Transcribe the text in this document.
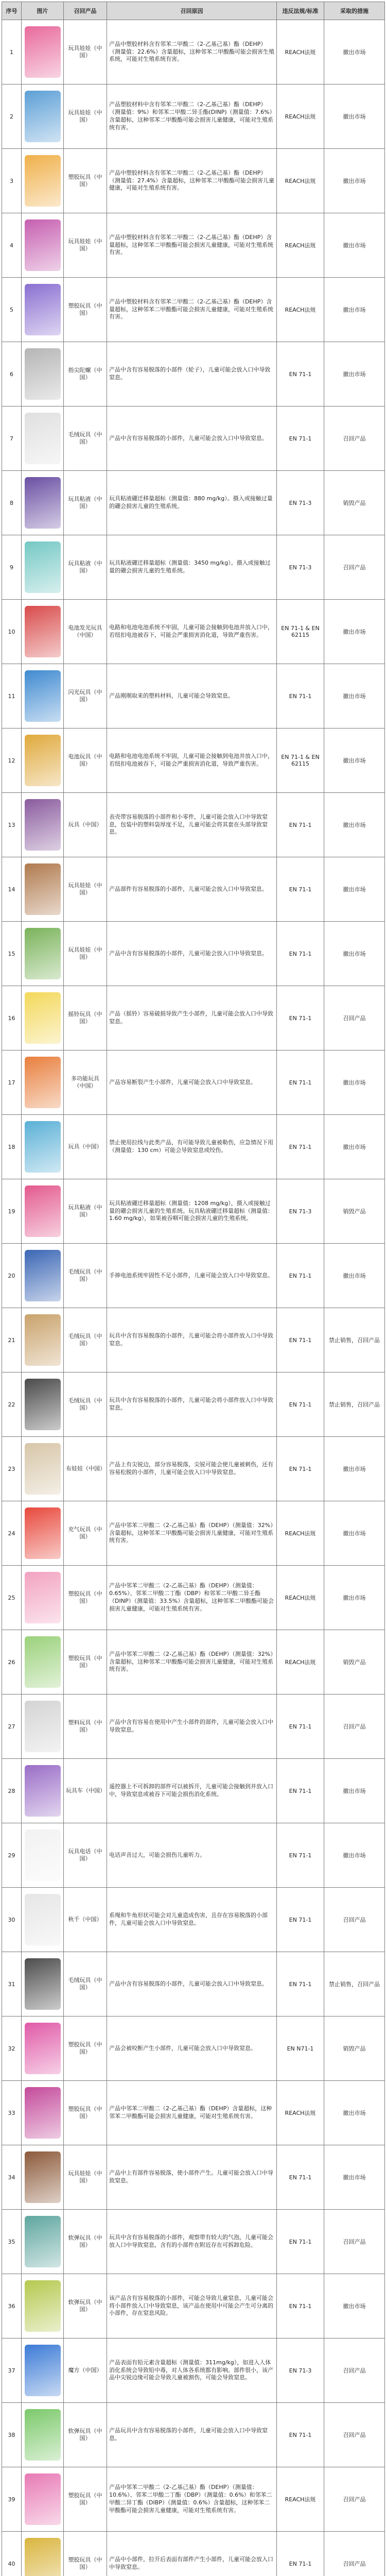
序号	图片	召回产品	召回原因	违反法规/标准	采取的措施
1		玩具娃娃（中国）	产品中塑胶材料含有邻苯二甲酸二（2-乙基己基）酯（DEHP）（测量值：22.6%）含量超标，这种邻苯二甲酸酯可能会损害生殖系统，可能对生殖系统有害。	REACH法规	撤出市场
2		玩具娃娃（中国）	产品塑胶材料中含有邻苯二甲酸二（2-乙基己基）酯（DEHP）（测量值：9%）和邻苯二甲酸二异壬酯(DINP)（测量值：7.6%）含量超标，这种邻苯二甲酸酯可能会损害儿童健康，可能对生殖系统有害。	REACH法规	撤出市场
3		塑胶玩具（中国）	产品中塑胶材料含有邻苯二甲酸二（2-乙基己基）酯（DEHP）（测量值：27.4%）含量超标，这种邻苯二甲酸酯可能会损害儿童健康，可能对生殖系统有害。	REACH法规	撤出市场
4		玩具娃娃（中国）	产品中塑胶材料含有邻苯二甲酸二（2-乙基己基）酯（DEHP）含量超标，这种邻苯二甲酸酯可能会损害儿童健康，可能对生殖系统有害。	REACH法规	撤出市场
5		塑胶玩具（中国）	产品中塑胶材料含有邻苯二甲酸二（2-乙基己基）酯（DEHP）含量超标，这种邻苯二甲酸酯可能会损害儿童健康，可能对生殖系统有害。	REACH法规	撤出市场
6		指尖陀螺（中国）	产品中含有容易脱落的小部件（轮子），儿童可能会放入口中导致窒息。	EN 71-1	撤出市场
7		毛绒玩具（中国）	产品中含有容易脱落的小部件，儿童可能会放入口中导致窒息。	EN 71-1	召回产品
8		玩具粘液（中国）	玩具粘液硼迁移量超标（测量值：880 mg/kg）。摄入或接触过量的硼会损害儿童的生殖系统。	EN 71-3	销毁产品
9		玩具粘液（中国）	玩具粘液硼迁移量超标（测量值：3450 mg/kg）。摄入或接触过量的硼会损害儿童的生殖系统。	EN 71-3	召回产品
10		电池发光玩具（中国）	电路和电池电池系统不牢固，儿童可能会接触到电池并放入口中，若纽扣电池被吞下，可能会严重损害消化道，导致严重伤害。	EN 71-1 & EN 62115	撤出市场
11		闪光玩具（中国）	产品刚刚取来的塑料材料，儿童可能会导致窒息。	EN 71-1	撤出市场
12		电池玩具（中国）	电路和电池电池系统不牢固，儿童可能会接触到电池并放入口中，若纽扣电池被吞下，可能会严重损害消化道，导致严重伤害。	EN 71-1 & EN 62115	撤出市场
13		玩具（中国）	表壳带容易脱落的小部件和小零件，儿童可能会放入口中导致窒息，包装中的塑料袋厚度不足，儿童可能会将其套在头部导致窒息。	EN 71-1	撤出市场
14		玩具娃娃（中国）	产品部件有容易脱落的小部件，儿童可能会放入口中导致窒息。	EN 71-1	撤出市场
15		玩具娃娃（中国）	产品中含有容易脱落的小部件，儿童可能会放入口中导致窒息。	EN 71-1	撤出市场
16		摇铃玩具（中国）	产品（摇铃）容易破损导致产生小部件，儿童可能会放入口中导致窒息。	EN 71-1	召回产品
17		多功能玩具（中国）	产品容易断裂产生小部件，儿童可能会放入口中导致窒息。	EN 71-1	撤出市场
18		玩具（中国）	禁止使用拉线与此类产品，有可能导致儿童被勒伤，应急情况下用（测量值：130 cm）可能会导致窒息或绞伤。	EN 71-1	撤出市场
19		玩具粘液（中国）	玩具粘液硼迁移量超标（测量值：1208 mg/kg），摄入或接触过量的硼会损害儿童的生殖系统。玩具粘液硼迁移量超标（测量值：1.60 mg/kg），如果被吞咽可能会损害儿童的生殖系统。	EN 71-3	销毁产品
20		毛绒玩具（中国）	手捧电池系统牢固性不足小部件，儿童可能会放入口中导致窒息。	EN 71-1	撤出市场
21		毛绒玩具（中国）	玩具中含有容易脱落的小部件，儿童可能会将小部件放入口中导致窒息。	EN 71-1	禁止销售，召回产品
22		毛绒玩具（中国）	玩具中含有容易脱落的小部件，儿童可能会将小部件放入口中导致窒息。	EN 71-1	禁止销售，召回产品
23		布娃娃（中国）	产品上有尖锐边，部分容易脱落，尖锐可能会使儿童被刺伤，还有容易松脱的小部件，儿童可能会放入口中导致窒息。	EN 71-1	撤出市场
24		充气玩具（中国）	产品中邻苯二甲酸二（2-乙基己基）酯（DEHP）（测量值：32%）含量超标，这种邻苯二甲酸酯可能会损害儿童健康，可能对生殖系统有害。	REACH法规	撤出市场
25		塑胶玩具（中国）	产品中邻苯二甲酸二（2-乙基己基）酯（DEHP）（测量值：0.65%）、邻苯二甲酸二丁酯（DBP）和邻苯二甲酸二异壬酯（DINP）（测量值：33.5%）含量超标，这种邻苯二甲酸酯可能会损害儿童健康，可能对生殖系统有害。	REACH法规	撤出市场
26		塑胶玩具（中国）	产品中邻苯二甲酸二（2-乙基己基）酯（DEHP）（测量值：32%）含量超标，这种邻苯二甲酸酯可能会损害儿童健康，可能对生殖系统有害。	REACH法规	销毁产品
27		塑料玩具（中国）	产品中含有容易在使用中产生小部件的部件，儿童可能会放入口中导致窒息。	EN 71-1	召回产品
28		玩具车（中国）	遥控器上不可拆卸的部件可以被拆开，儿童可能会接触到并放入口中，导致窒息或被吞下可能会损伤消化系统。	EN 71-1	撤出市场
29		玩具电话（中国）	电话声音过大，可能会损伤儿童听力。	EN 71-1	撤出市场
30		秋千（中国）	系绳和牛角形状可能会对儿童造成伤害，且存在容易脱落的小部件，儿童可能会放入口中导致窒息。	EN 71-1	召回产品
31		毛绒玩具（中国）	产品中含有容易脱落的小部件，儿童可能会放入口中导致窒息。	EN 71-1	禁止销售，召回产品
32		塑胶玩具（中国）	产品会被咬断产生小部件，儿童可能会放入口中导致窒息。	EN N71-1	销毁产品
33		塑胶玩具（中国）	产品中邻苯二甲酸二（2-乙基己基）酯（DEHP）含量超标，这种邻苯二甲酸酯可能会损害儿童健康，可能对生殖系统有害。	REACH法规	撤出市场
34		玩具娃娃（中国）	产品中上有部件容易脱落，使小部件产生。儿童可能会放入口中导致窒息。	EN 71-1	撤出市场
35		软弹玩具（中国）	玩具中含有容易脱落的小部件，观察带有较大的气泡，儿童可能会放入口中导致窒息，含有的小部件在附近存在可拆卸危险。	EN 71-1	召回产品
36		软弹玩具（中国）	该产品含有容易脱落的小部件，可能会导致儿童窒息，儿童可能会将小部件放入口中导致窒息，该产品在使用中可能会产生可分离的小部件，存在窒息风险。	EN 71-1	撤出市场
37		魔方（中国）	产品表面有铅元素含量超标（测量值：311mg/kg），如进入人体消化系统会导致铅中毒，对人体各系统都有影响。部件很小，该产品中尖锐边缘可能会导致儿童被割伤，可能会导致窒息。	EN 71-3	召回产品
38		软弹玩具（中国）	产品玩具中含有容易脱落的小部件，儿童可能会放入口中导致窒息。	EN 71-1	召回产品
39		塑胶玩具（中国）	产品中邻苯二甲酸二（2-乙基己基）酯（DEHP）（测量值：10.6%）、邻苯二甲酸二丁酯（DBP）（测量值：0.6%）和邻苯二甲酸二异丁酯（DIBP）（测量值：0.6%）含量超标，这种邻苯二甲酸酯可能会损害儿童健康，可能对生殖系统有害。	REACH法规	召回产品
40		塑胶玩具（中国）	产品中小部件，拉开后表面有部件产生小部件，儿童可能会放入口中导致窒息。	EN 71-1	召回产品
